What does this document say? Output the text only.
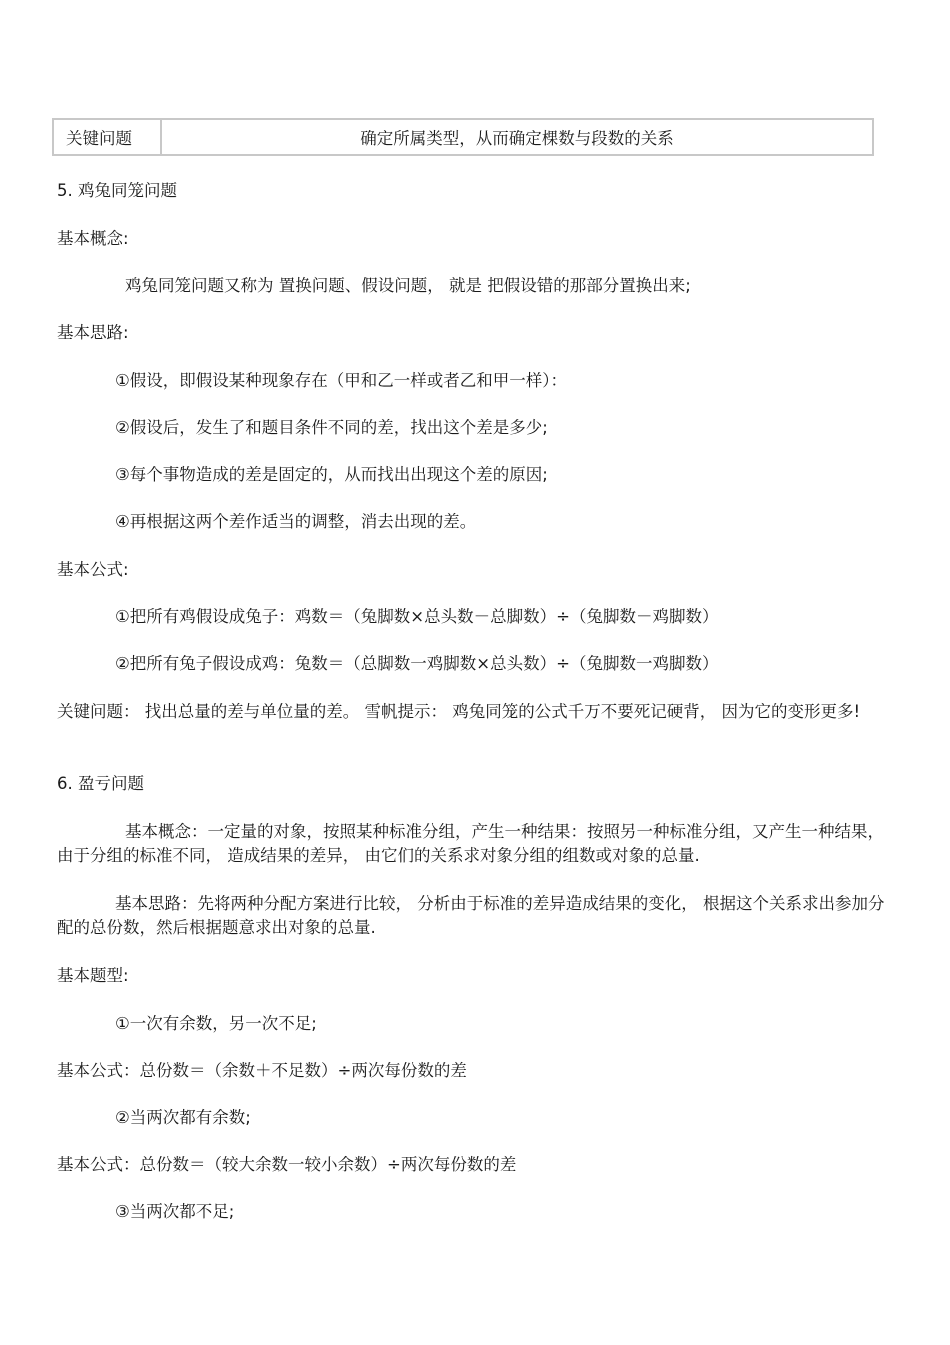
关键问题	确定所属类型，从而确定棵数与段数的关系
5. 鸡兔同笼问题
基本概念:
鸡兔同笼问题又称为 置换问题、假设问题， 就是 把假设错的那部分置换出来;
基本思路:
①假设，即假设某种现象存在（甲和乙一样或者乙和甲一样）：
②假设后，发生了和题目条件不同的差，找出这个差是多少;
③每个事物造成的差是固定的，从而找出出现这个差的原因;
④再根据这两个差作适当的调整，消去出现的差。
基本公式:
①把所有鸡假设成兔子：鸡数＝（兔脚数×总头数－总脚数）÷（兔脚数－鸡脚数）
②把所有兔子假设成鸡：兔数＝（总脚数一鸡脚数×总头数）÷（兔脚数一鸡脚数）
关键问题： 找出总量的差与单位量的差。 雪帆提示： 鸡兔同笼的公式千万不要死记硬背， 因为它的变形更多!
6. 盈亏问题
基本概念：一定量的对象，按照某种标准分组，产生一种结果：按照另一种标准分组，又产生一种结果， 由于分组的标准不同， 造成结果的差异， 由它们的关系求对象分组的组数或对象的总量.
基本思路：先将两种分配方案进行比较， 分析由于标准的差异造成结果的变化， 根据这个关系求出参加分配的总份数，然后根据题意求出对象的总量.
基本题型:
①一次有余数，另一次不足;
基本公式：总份数＝（余数＋不足数）÷两次每份数的差
②当两次都有余数;
基本公式：总份数＝（较大余数一较小余数）÷两次每份数的差
③当两次都不足;
